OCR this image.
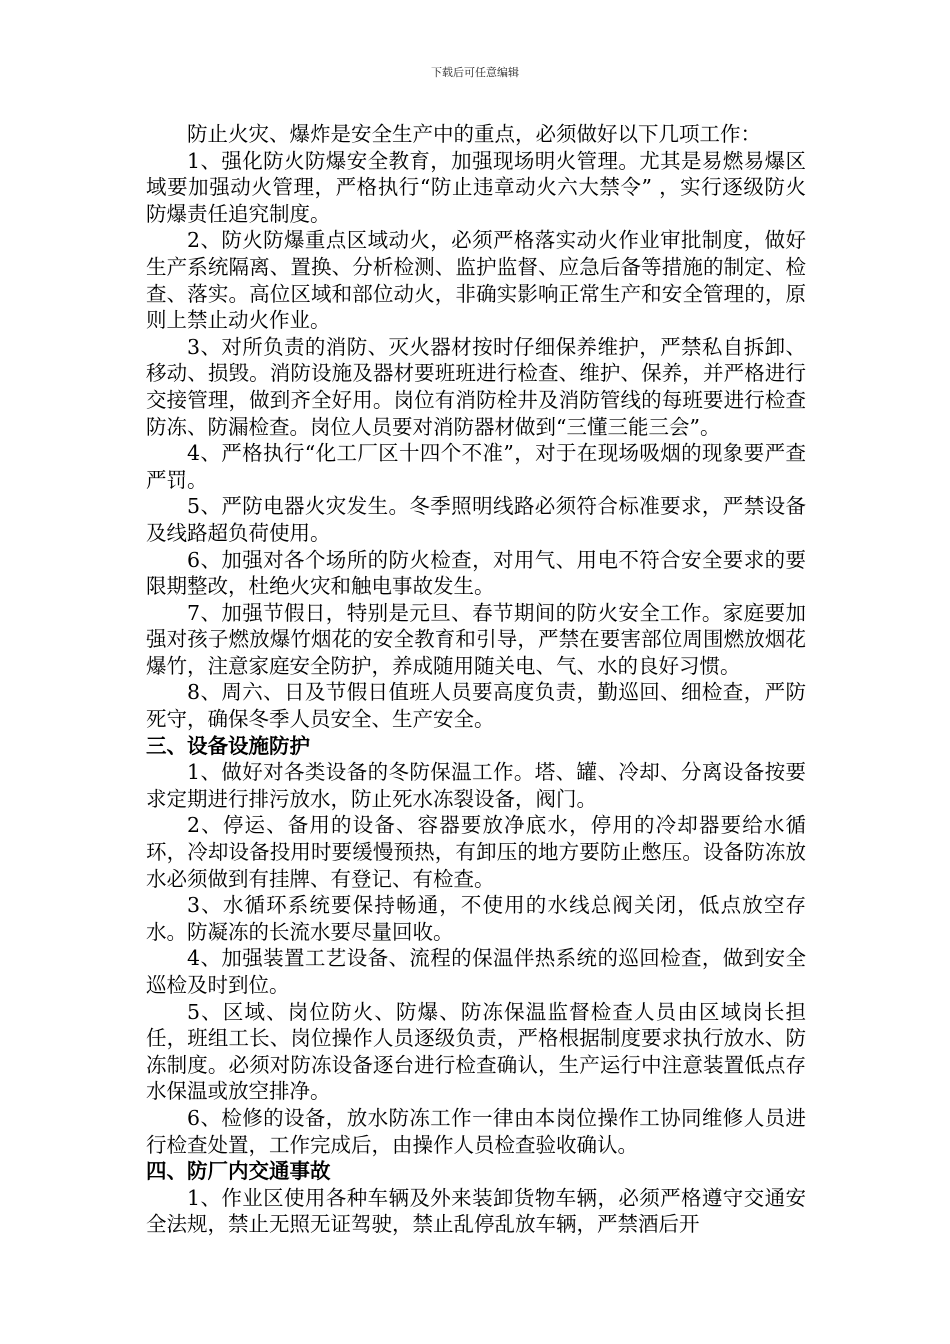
下载后可任意编辑

防止火灾、爆炸是安全生产中的重点，必须做好以下几项工作：

1、强化防火防爆安全教育，加强现场明火管理。尤其是易燃易爆区域要加强动火管理，严格执行“防止违章动火六大禁令” ，实行逐级防火防爆责任追究制度。

2、防火防爆重点区域动火，必须严格落实动火作业审批制度，做好生产系统隔离、置换、分析检测、监护监督、应急后备等措施的制定、检查、落实。高位区域和部位动火，非确实影响正常生产和安全管理的，原则上禁止动火作业。

3、对所负责的消防、灭火器材按时仔细保养维护，严禁私自拆卸、移动、损毁。消防设施及器材要班班进行检查、维护、保养，并严格进行交接管理，做到齐全好用。岗位有消防栓井及消防管线的每班要进行检查防冻、防漏检查。岗位人员要对消防器材做到“三懂三能三会”。

4、严格执行“化工厂区十四个不准”，对于在现场吸烟的现象要严查严罚。

5、严防电器火灾发生。冬季照明线路必须符合标准要求，严禁设备及线路超负荷使用。

6、加强对各个场所的防火检查，对用气、用电不符合安全要求的要限期整改，杜绝火灾和触电事故发生。

7、加强节假日，特别是元旦、春节期间的防火安全工作。家庭要加强对孩子燃放爆竹烟花的安全教育和引导，严禁在要害部位周围燃放烟花爆竹，注意家庭安全防护，养成随用随关电、气、水的良好习惯。

8、周六、日及节假日值班人员要高度负责，勤巡回、细检查，严防死守，确保冬季人员安全、生产安全。

三、设备设施防护

1、做好对各类设备的冬防保温工作。塔、罐、冷却、分离设备按要求定期进行排污放水，防止死水冻裂设备，阀门。

2、停运、备用的设备、容器要放净底水，停用的冷却器要给水循环，冷却设备投用时要缓慢预热，有卸压的地方要防止憋压。设备防冻放水必须做到有挂牌、有登记、有检查。

3、水循环系统要保持畅通，不使用的水线总阀关闭，低点放空存水。防凝冻的长流水要尽量回收。

4、加强装置工艺设备、流程的保温伴热系统的巡回检查，做到安全巡检及时到位。

5、区域、岗位防火、防爆、防冻保温监督检查人员由区域岗长担任，班组工长、岗位操作人员逐级负责，严格根据制度要求执行放水、防冻制度。必须对防冻设备逐台进行检查确认，生产运行中注意装置低点存水保温或放空排净。

6、检修的设备，放水防冻工作一律由本岗位操作工协同维修人员进行检查处置，工作完成后，由操作人员检查验收确认。

四、防厂内交通事故

1、作业区使用各种车辆及外来装卸货物车辆，必须严格遵守交通安全法规，禁止无照无证驾驶，禁止乱停乱放车辆，严禁酒后开
